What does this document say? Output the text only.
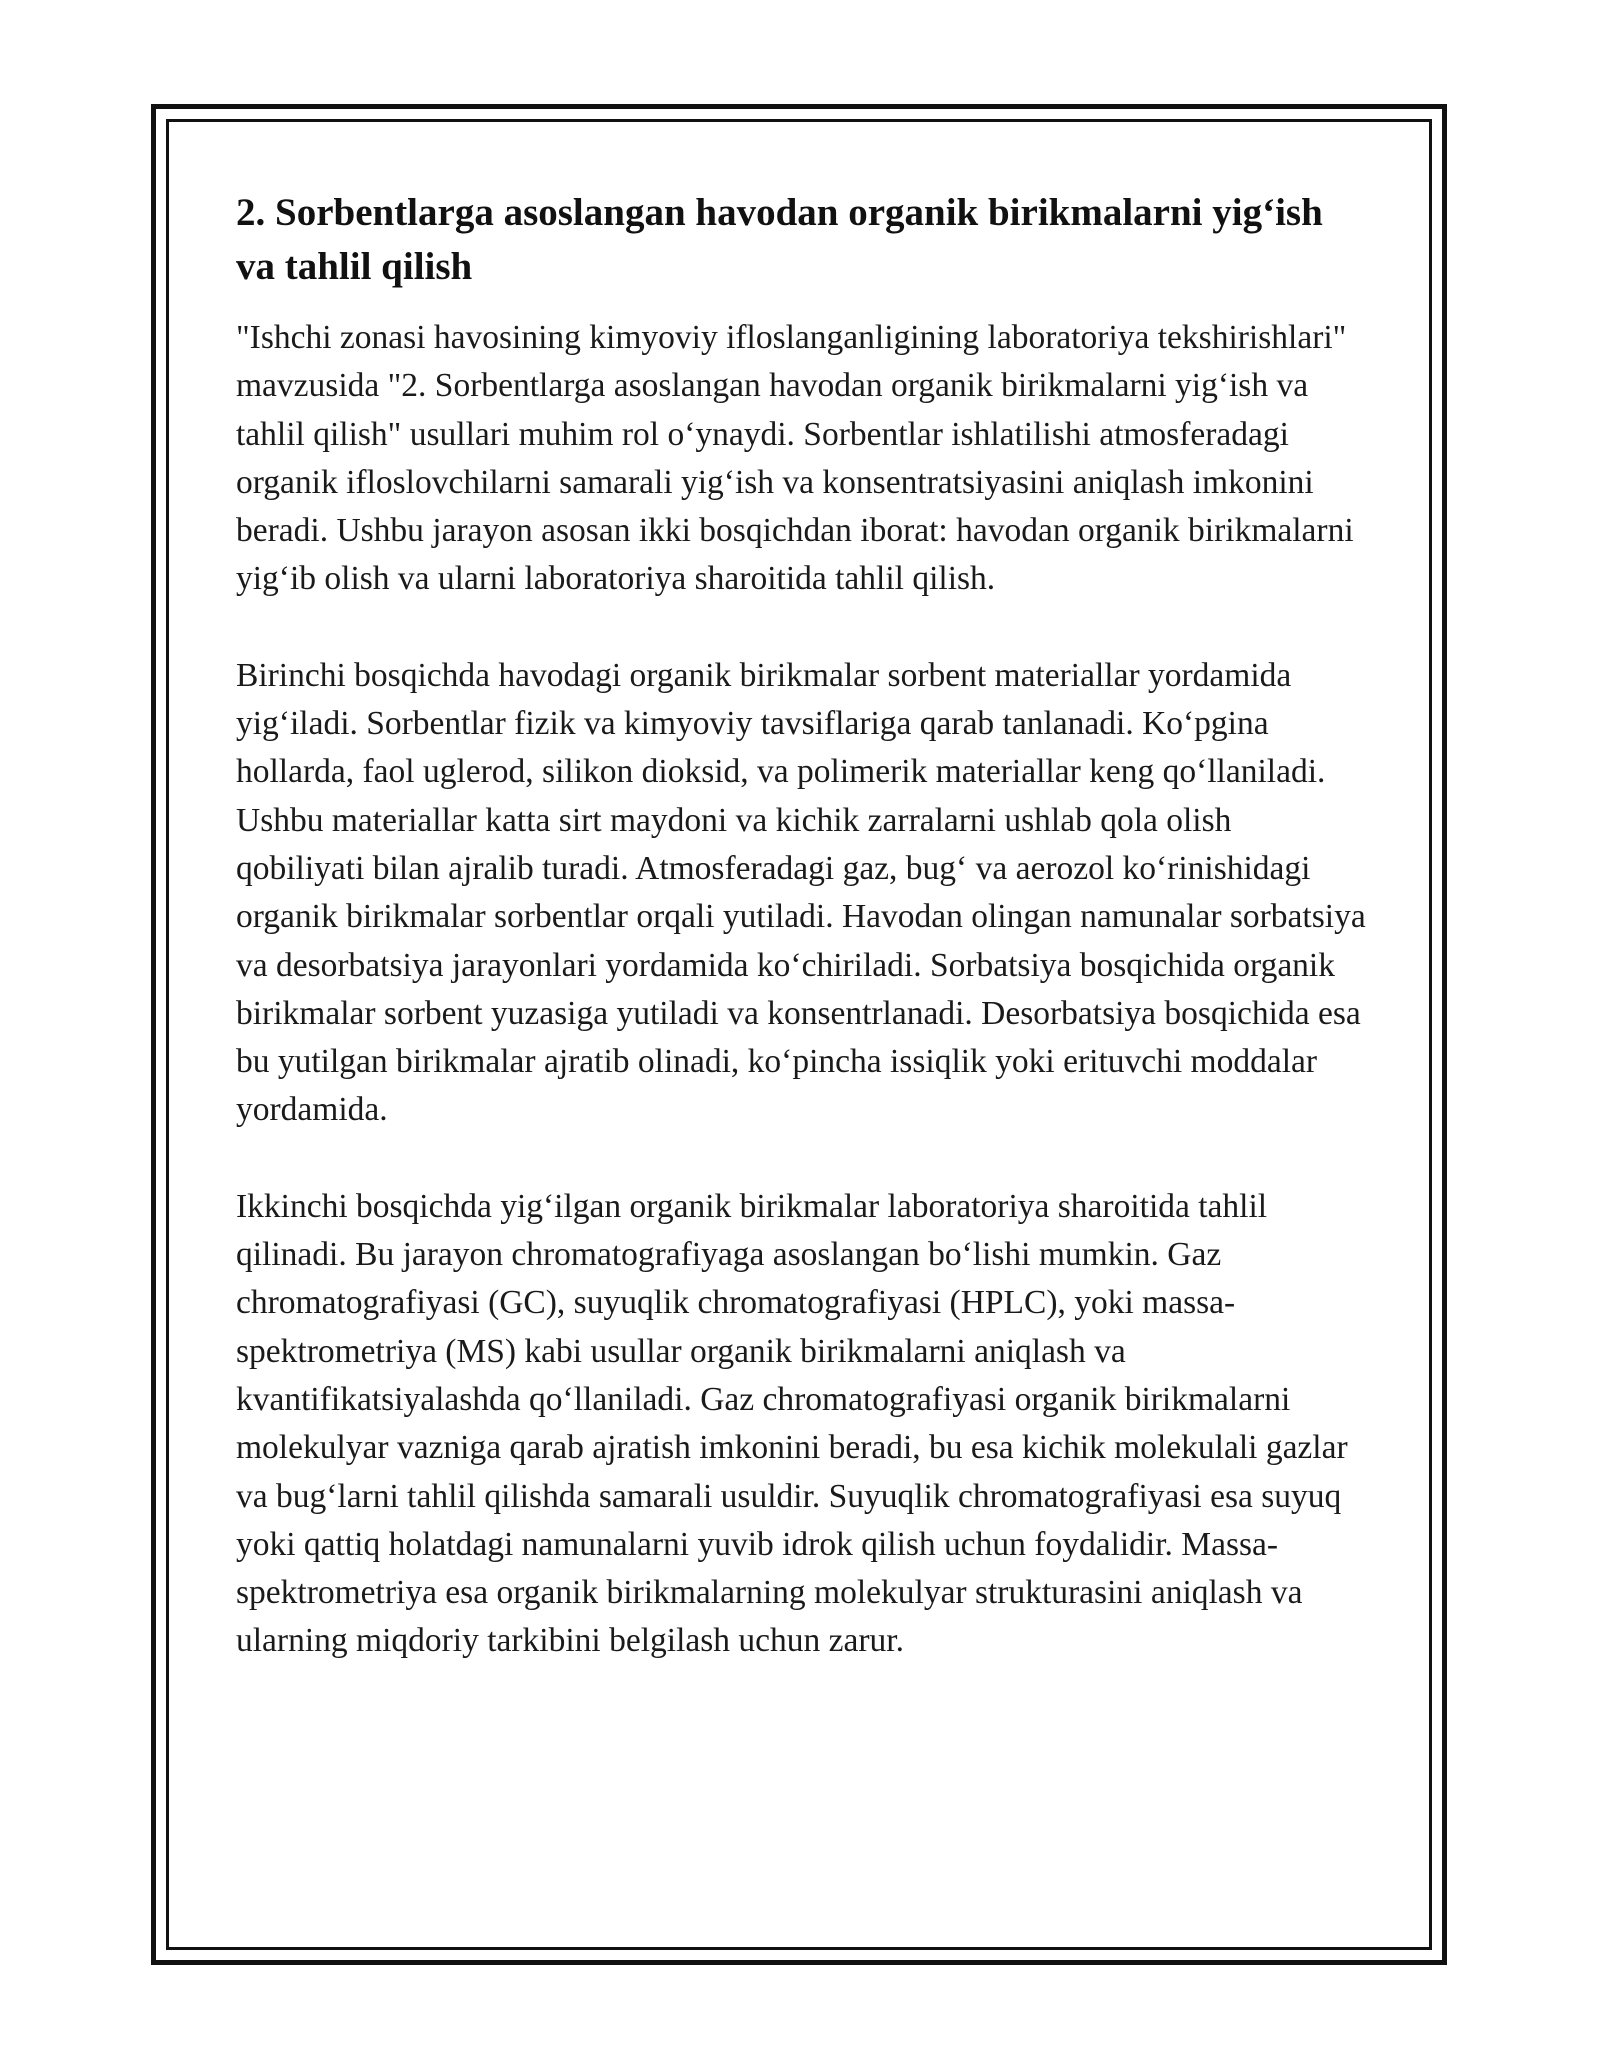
2. Sorbentlarga asoslangan havodan organik birikmalarni yig‘ish va tahlil qilish

"Ishchi zonasi havosining kimyoviy ifloslanganligining laboratoriya tekshirishlari" mavzusida "2. Sorbentlarga asoslangan havodan organik birikmalarni yig‘ish va tahlil qilish" usullari muhim rol o‘ynaydi. Sorbentlar ishlatilishi atmosferadagi organik ifloslovchilarni samarali yig‘ish va konsentratsiyasini aniqlash imkonini beradi. Ushbu jarayon asosan ikki bosqichdan iborat: havodan organik birikmalarni yig‘ib olish va ularni laboratoriya sharoitida tahlil qilish.

Birinchi bosqichda havodagi organik birikmalar sorbent materiallar yordamida yig‘iladi. Sorbentlar fizik va kimyoviy tavsiflariga qarab tanlanadi. Ko‘pgina hollarda, faol uglerod, silikon dioksid, va polimerik materiallar keng qo‘llaniladi. Ushbu materiallar katta sirt maydoni va kichik zarralarni ushlab qola olish qobiliyati bilan ajralib turadi. Atmosferadagi gaz, bug‘ va aerozol ko‘rinishidagi organik birikmalar sorbentlar orqali yutiladi. Havodan olingan namunalar sorbatsiya va desorbatsiya jarayonlari yordamida ko‘chiriladi. Sorbatsiya bosqichida organik birikmalar sorbent yuzasiga yutiladi va konsentrlanadi. Desorbatsiya bosqichida esa bu yutilgan birikmalar ajratib olinadi, ko‘pincha issiqlik yoki erituvchi moddalar yordamida.

Ikkinchi bosqichda yig‘ilgan organik birikmalar laboratoriya sharoitida tahlil qilinadi. Bu jarayon chromatografiyaga asoslangan bo‘lishi mumkin. Gaz chromatografiyasi (GC), suyuqlik chromatografiyasi (HPLC), yoki massa-spektrometriya (MS) kabi usullar organik birikmalarni aniqlash va kvantifikatsiyalashda qo‘llaniladi. Gaz chromatografiyasi organik birikmalarni molekulyar vazniga qarab ajratish imkonini beradi, bu esa kichik molekulali gazlar va bug‘larni tahlil qilishda samarali usuldir. Suyuqlik chromatografiyasi esa suyuq yoki qattiq holatdagi namunalarni yuvib idrok qilish uchun foydalidir. Massa-spektrometriya esa organik birikmalarning molekulyar strukturasini aniqlash va ularning miqdoriy tarkibini belgilash uchun zarur.
